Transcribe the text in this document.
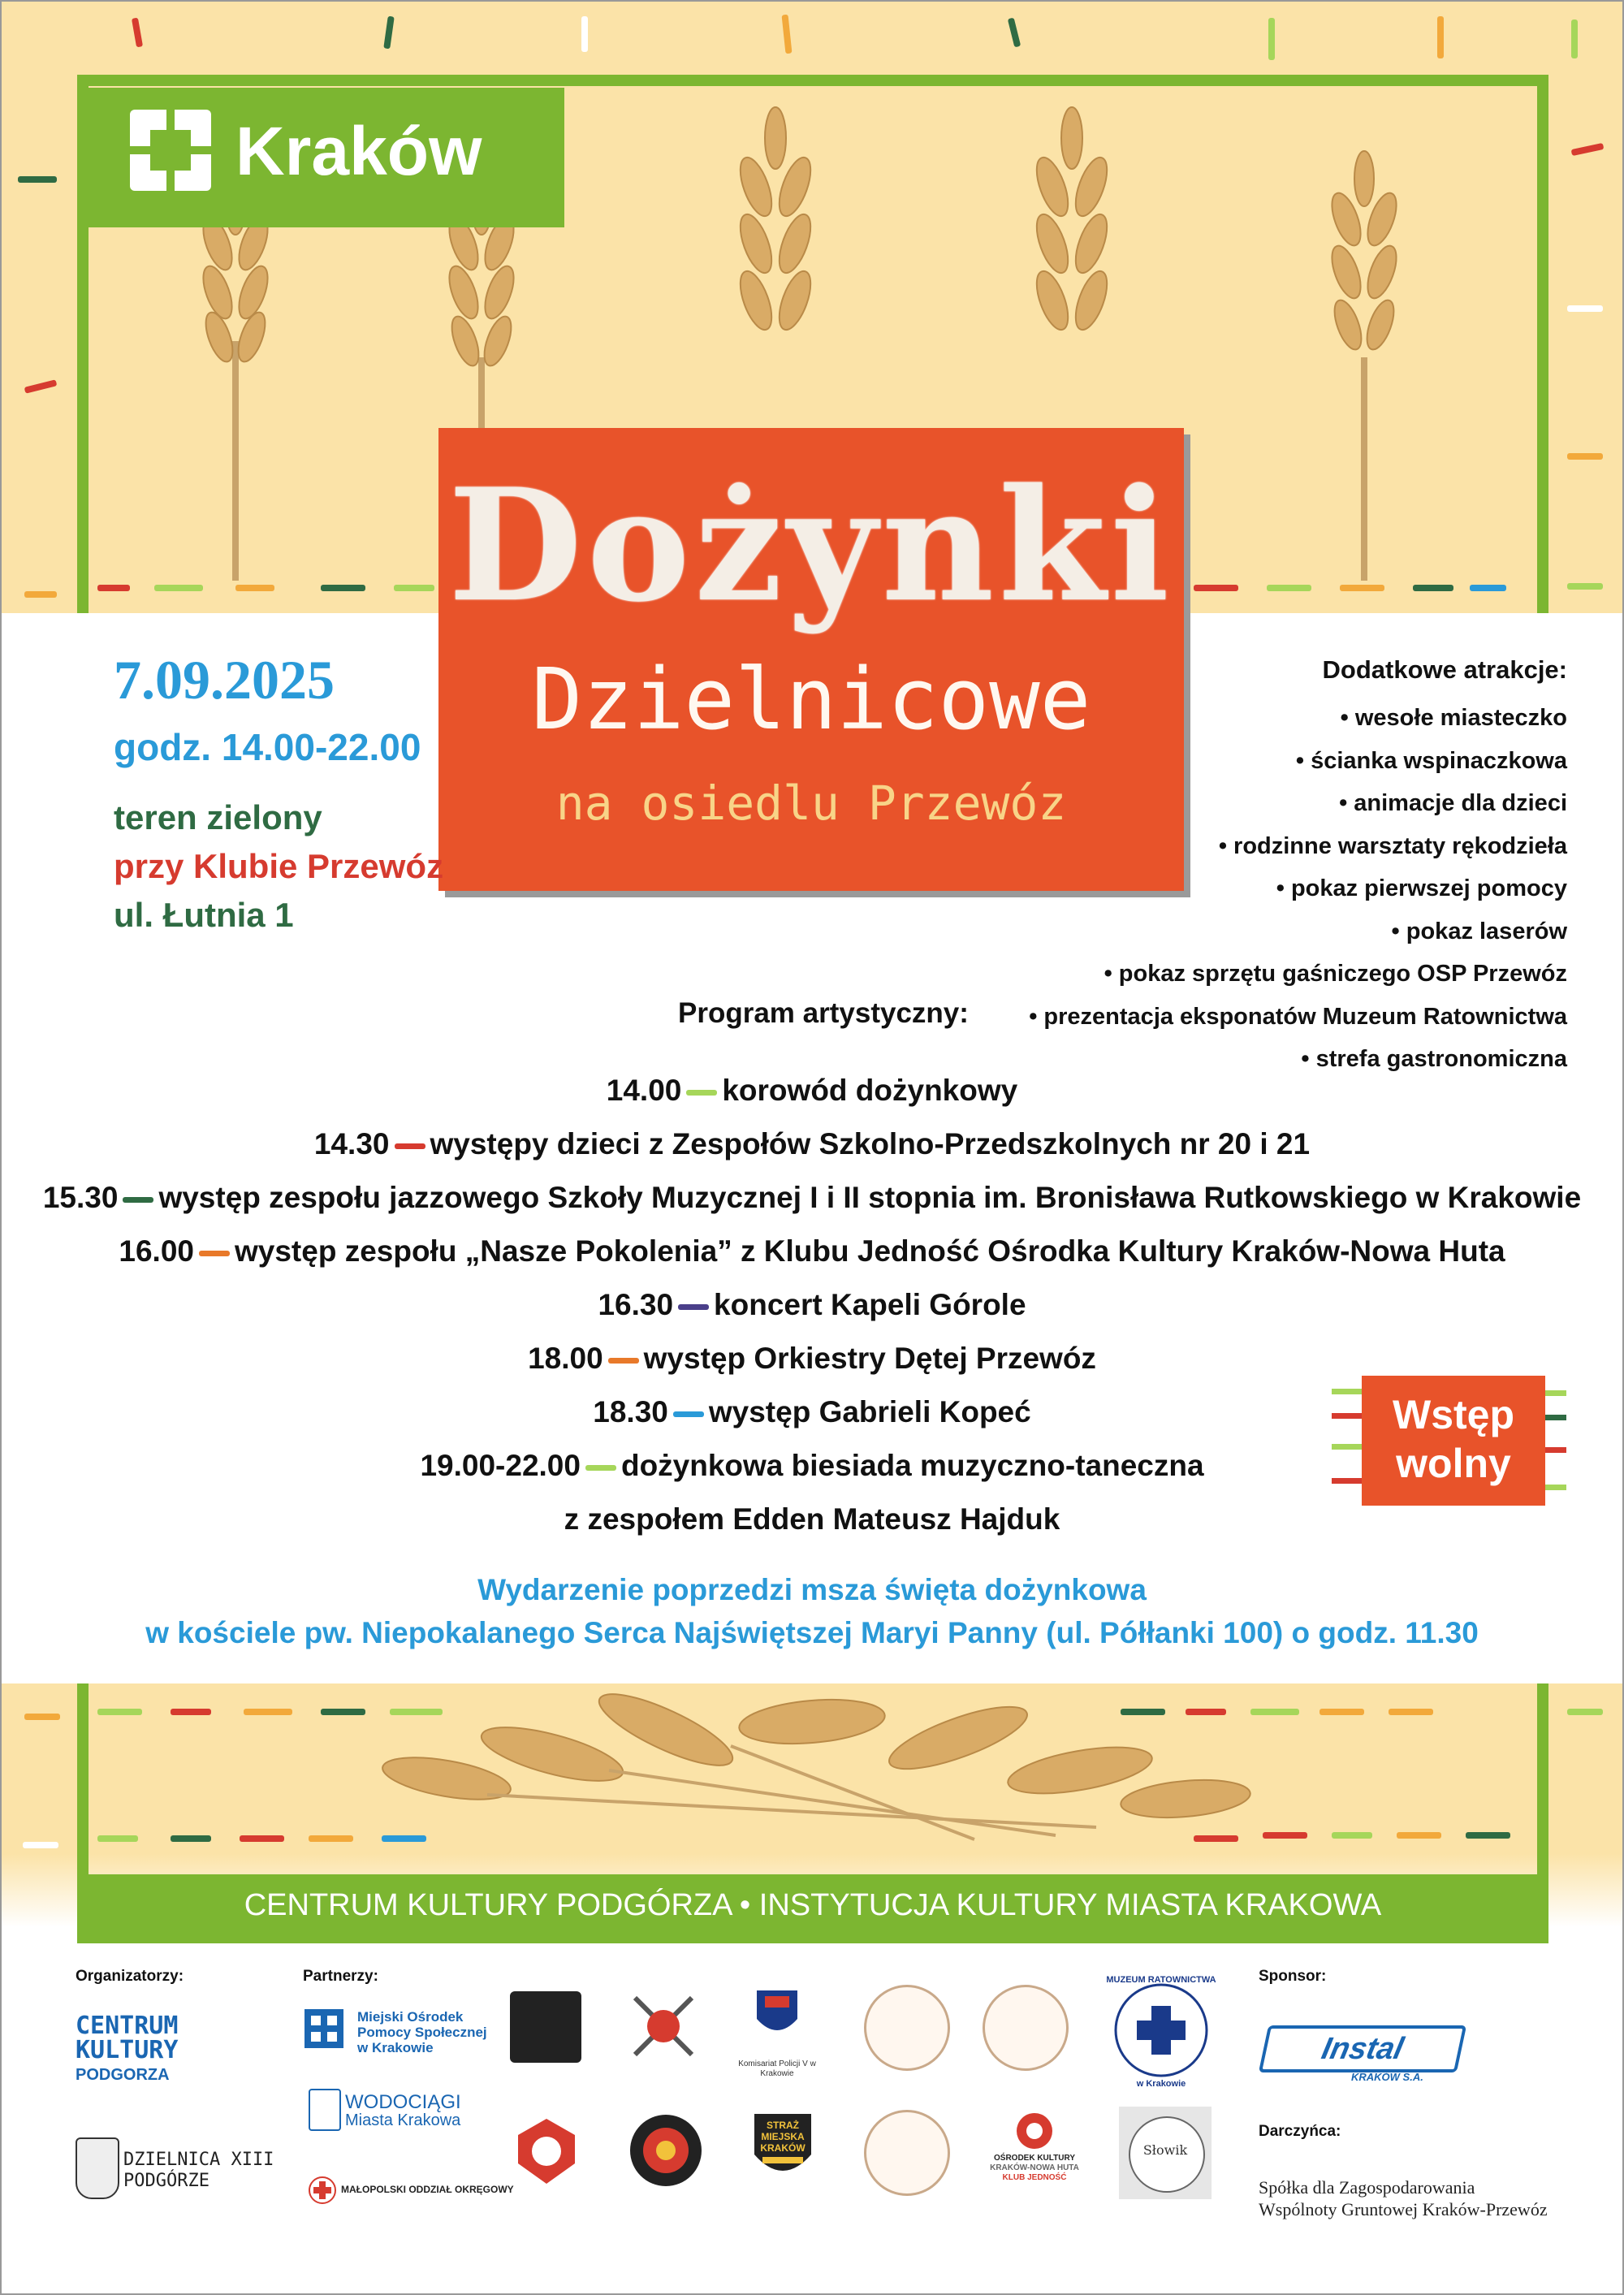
Kraków
Dożynki
Dzielnicowe
na osiedlu Przewóz
7.09.2025
godz. 14.00-22.00
teren zielony
przy Klubie Przewóz
ul. Łutnia 1
Dodatkowe atrakcje:
• wesołe miasteczko
• ścianka wspinaczkowa
• animacje dla dzieci
• rodzinne warsztaty rękodzieła
• pokaz pierwszej pomocy
• pokaz laserów
• pokaz sprzętu gaśniczego OSP Przewóz
• prezentacja eksponatów Muzeum Ratownictwa
• strefa gastronomiczna
Program artystyczny:
14.00 korowód dożynkowy
14.30 występy dzieci z Zespołów Szkolno-Przedszkolnych nr 20 i 21
15.30 występ zespołu jazzowego Szkoły Muzycznej I i II stopnia im. Bronisława Rutkowskiego w Krakowie
16.00 występ zespołu „Nasze Pokolenia” z Klubu Jedność Ośrodka Kultury Kraków-Nowa Huta
16.30 koncert Kapeli Górole
18.00 występ Orkiestry Dętej Przewóz
18.30 występ Gabrieli Kopeć
19.00-22.00 dożynkowa biesiada muzyczno-taneczna
z zespołem Edden Mateusz Hajduk
Wstęp
wolny
Wydarzenie poprzedzi msza święta dożynkowa
w kościele pw. Niepokalanego Serca Najświętszej Maryi Panny (ul. Półłanki 100) o godz. 11.30
CENTRUM KULTURY PODGÓRZA • INSTYTUCJA KULTURY MIASTA KRAKOWA
Organizatorzy:	Partnerzy:	Sponsor:
Darczyńca:
CENTRUM
KULTURY
PODGORZA
DZIELNICA XIII
PODGÓRZE
Miejski Ośrodek
Pomocy Społecznej
w Krakowie
WODOCIĄGI
Miasta Krakowa
MAŁOPOLSKI ODDZIAŁ OKRĘGOWY
POLICJA
Komisariat Policji V w Krakowie
MUZEUM RATOWNICTWA
w Krakowie
STRAŻ
MIEJSKA
KRAKÓW
OŚRODEK KULTURY
KRAKÓW-NOWA HUTA
KLUB JEDNOŚĆ
Słowik
Instal
KRAKÓW S.A.
Spółka dla Zagospodarowania
Wspólnoty Gruntowej Kraków-Przewóz
